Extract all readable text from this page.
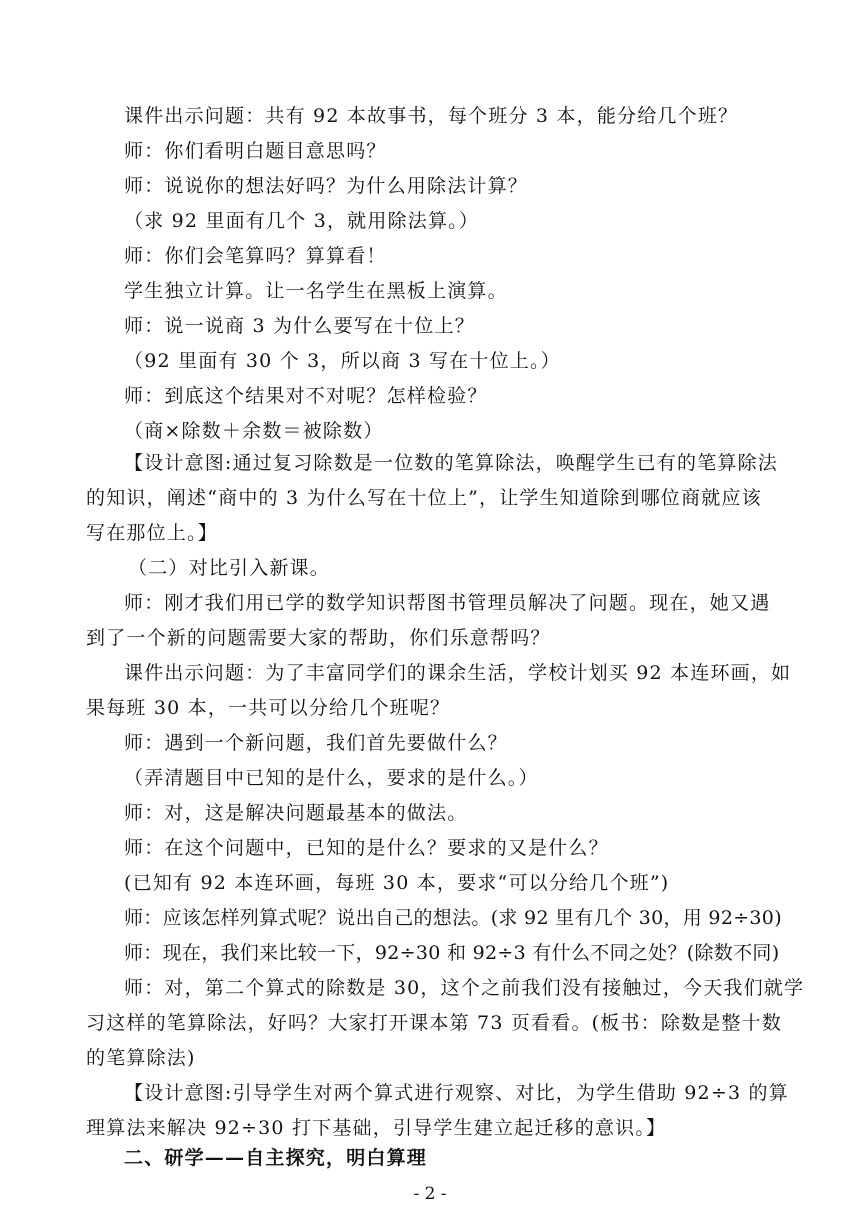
课件出示问题：共有 92 本故事书，每个班分 3 本，能分给几个班？
师：你们看明白题目意思吗？
师：说说你的想法好吗？为什么用除法计算？
（求 92 里面有几个 3，就用除法算。）
师：你们会笔算吗？算算看！
学生独立计算。让一名学生在黑板上演算。
师：说一说商 3 为什么要写在十位上？
（92 里面有 30 个 3，所以商 3 写在十位上。）
师：到底这个结果对不对呢？怎样检验？
（商×除数＋余数＝被除数）
【设计意图:通过复习除数是一位数的笔算除法，唤醒学生已有的笔算除法
的知识，阐述“商中的 3 为什么写在十位上”，让学生知道除到哪位商就应该
写在那位上。】
（二）对比引入新课。
师：刚才我们用已学的数学知识帮图书管理员解决了问题。现在，她又遇
到了一个新的问题需要大家的帮助，你们乐意帮吗？
课件出示问题：为了丰富同学们的课余生活，学校计划买 92 本连环画，如
果每班 30 本，一共可以分给几个班呢？
师：遇到一个新问题，我们首先要做什么？
（弄清题目中已知的是什么，要求的是什么。）
师：对，这是解决问题最基本的做法。
师：在这个问题中，已知的是什么？要求的又是什么？
(已知有 92 本连环画，每班 30 本，要求“可以分给几个班”)
师：应该怎样列算式呢？说出自己的想法。(求 92 里有几个 30，用 92÷30)
师：现在，我们来比较一下，92÷30 和 92÷3 有什么不同之处？(除数不同)
师：对，第二个算式的除数是 30，这个之前我们没有接触过，今天我们就学
习这样的笔算除法，好吗？大家打开课本第 73 页看看。(板书：除数是整十数
的笔算除法)
【设计意图:引导学生对两个算式进行观察、对比，为学生借助 92÷3 的算
理算法来解决 92÷30 打下基础，引导学生建立起迁移的意识。】
二、研学——自主探究，明白算理
- 2 -
